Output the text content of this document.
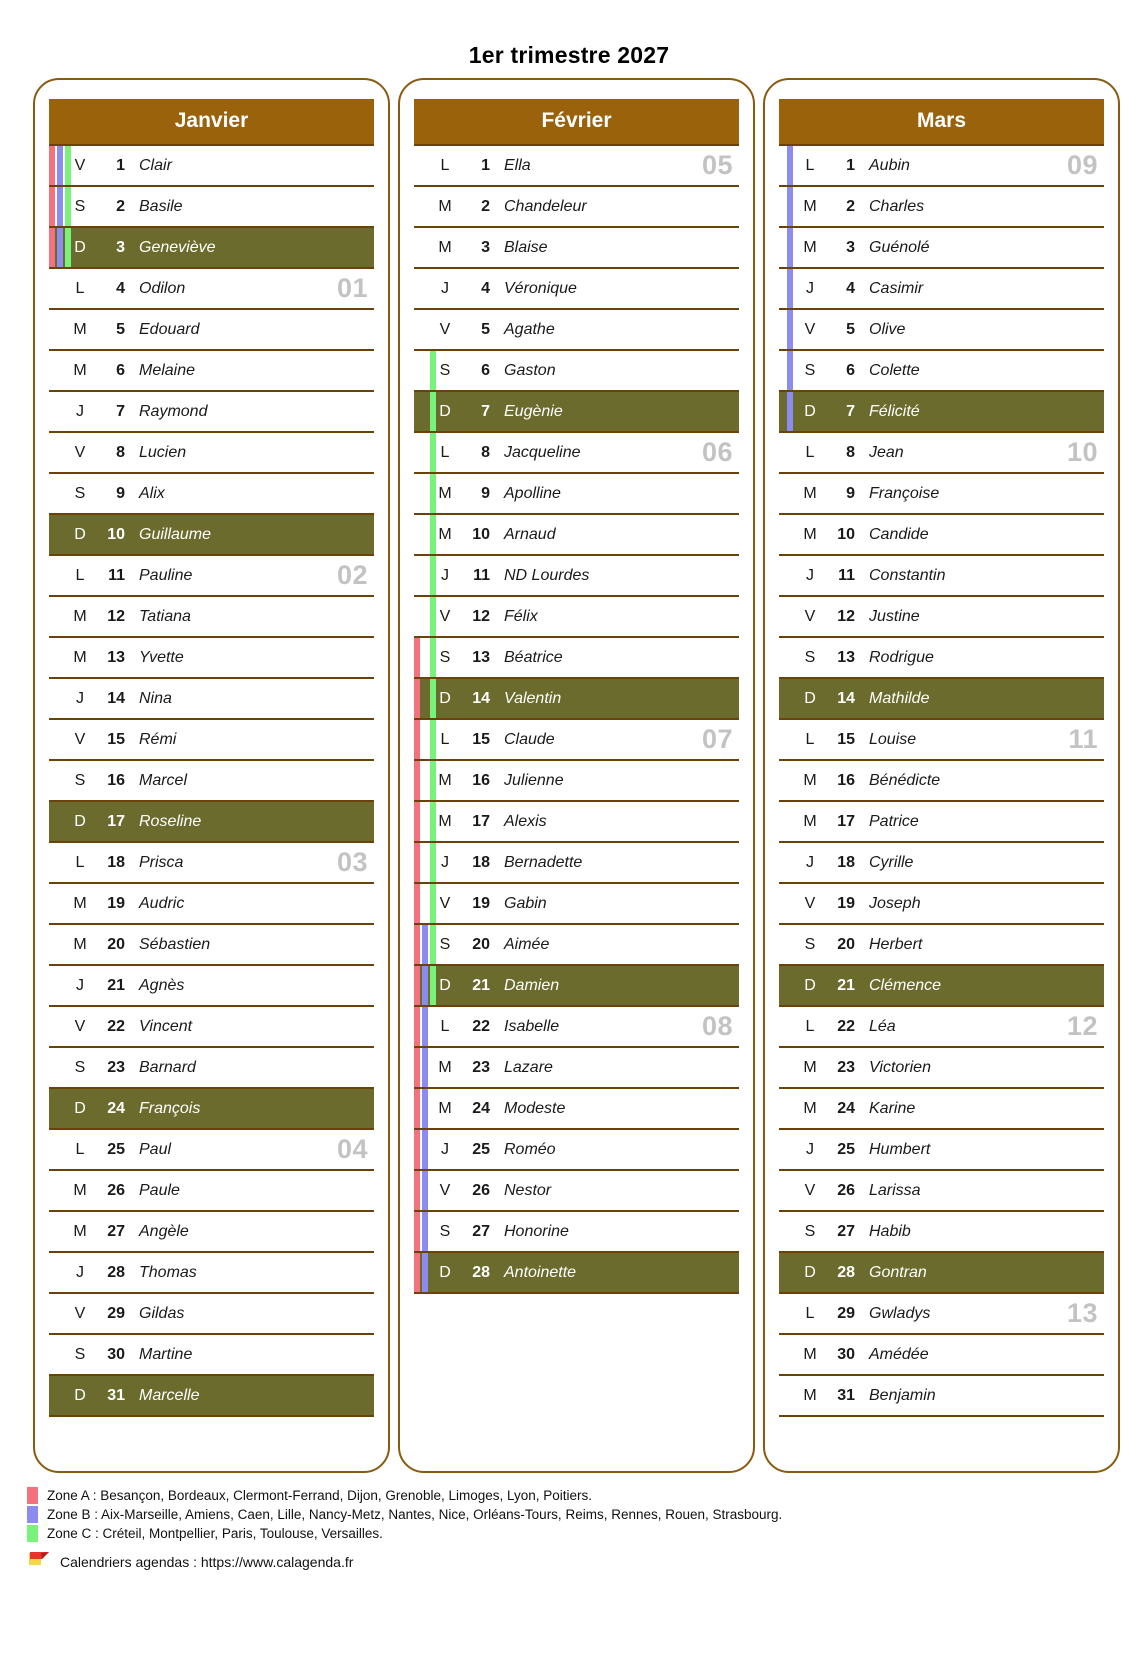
1er trimestre 2027
Janvier
V	1 Clair
S	2 Basile
D	3 Geneviève
L	4 Odilon	01
M	5 Edouard
M	6 Melaine
J	7 Raymond
V	8 Lucien
S	9 Alix
D	10 Guillaume
L	11 Pauline	02
M	12 Tatiana
M	13 Yvette
J	14 Nina
V	15 Rémi
S	16 Marcel
D	17 Roseline
L	18 Prisca	03
M	19 Audric
M	20 Sébastien
J	21 Agnès
V	22 Vincent
S	23 Barnard
D	24 François
L	25 Paul	04
M	26 Paule
M	27 Angèle
J	28 Thomas
V	29 Gildas
S	30 Martine
D	31 Marcelle
Février
L	1 Ella	05
M	2 Chandeleur
M	3 Blaise
J	4 Véronique
V	5 Agathe
S	6 Gaston
D	7 Eugènie
L	8 Jacqueline	06
M	9 Apolline
M	10 Arnaud
J	11 ND Lourdes
V	12 Félix
S	13 Béatrice
D	14 Valentin
L	15 Claude	07
M	16 Julienne
M	17 Alexis
J	18 Bernadette
V	19 Gabin
S	20 Aimée
D	21 Damien
L	22 Isabelle	08
M	23 Lazare
M	24 Modeste
J	25 Roméo
V	26 Nestor
S	27 Honorine
D	28 Antoinette
Mars
L	1 Aubin	09
M	2 Charles
M	3 Guénolé
J	4 Casimir
V	5 Olive
S	6 Colette
D	7 Félicité
L	8 Jean	10
M	9 Françoise
M	10 Candide
J	11 Constantin
V	12 Justine
S	13 Rodrigue
D	14 Mathilde
L	15 Louise	11
M	16 Bénédicte
M	17 Patrice
J	18 Cyrille
V	19 Joseph
S	20 Herbert
D	21 Clémence
L	22 Léa	12
M	23 Victorien
M	24 Karine
J	25 Humbert
V	26 Larissa
S	27 Habib
D	28 Gontran
L	29 Gwladys	13
M	30 Amédée
M	31 Benjamin
Zone A : Besançon, Bordeaux, Clermont-Ferrand, Dijon, Grenoble, Limoges, Lyon, Poitiers.
Zone B : Aix-Marseille, Amiens, Caen, Lille, Nancy-Metz, Nantes, Nice, Orléans-Tours, Reims, Rennes, Rouen, Strasbourg.
Zone C : Créteil, Montpellier, Paris, Toulouse, Versailles.
Calendriers agendas : https://www.calagenda.fr
